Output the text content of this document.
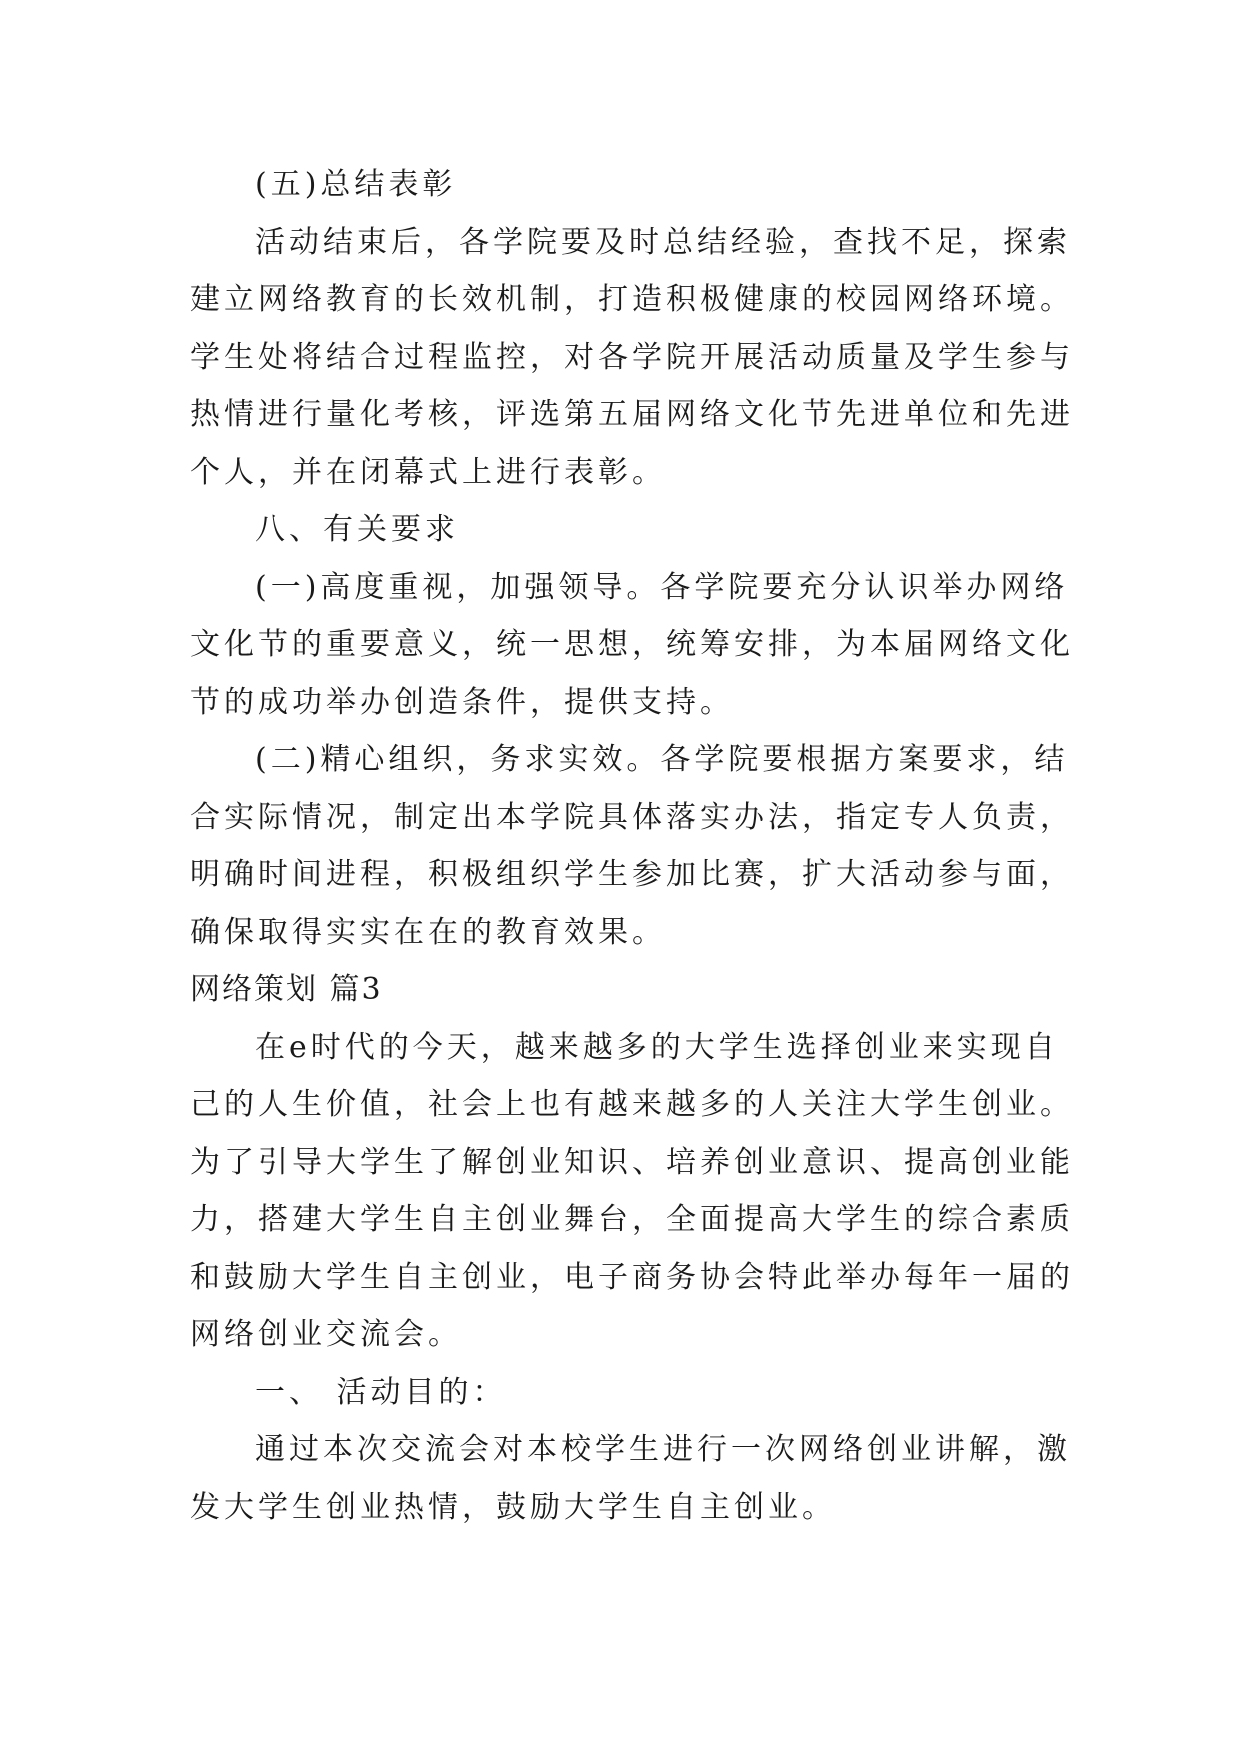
(五)总结表彰
活动结束后，各学院要及时总结经验，查找不足，探索
建立网络教育的长效机制，打造积极健康的校园网络环境。
学生处将结合过程监控，对各学院开展活动质量及学生参与
热情进行量化考核，评选第五届网络文化节先进单位和先进
个人，并在闭幕式上进行表彰。
八、有关要求
(一)高度重视，加强领导。各学院要充分认识举办网络
文化节的重要意义，统一思想，统筹安排，为本届网络文化
节的成功举办创造条件，提供支持。
(二)精心组织，务求实效。各学院要根据方案要求，结
合实际情况，制定出本学院具体落实办法，指定专人负责，
明确时间进程，积极组织学生参加比赛，扩大活动参与面，
确保取得实实在在的教育效果。
网络策划 篇3
在e时代的今天，越来越多的大学生选择创业来实现自
己的人生价值，社会上也有越来越多的人关注大学生创业。
为了引导大学生了解创业知识、培养创业意识、提高创业能
力，搭建大学生自主创业舞台，全面提高大学生的综合素质
和鼓励大学生自主创业，电子商务协会特此举办每年一届的
网络创业交流会。
一、 活动目的：
通过本次交流会对本校学生进行一次网络创业讲解，激
发大学生创业热情，鼓励大学生自主创业。
